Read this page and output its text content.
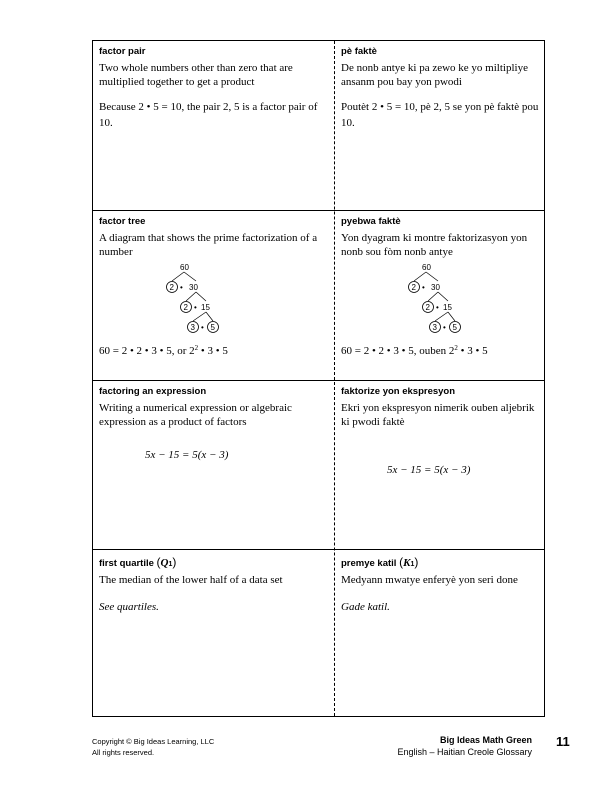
factor pair
Two whole numbers other than zero that are multiplied together to get a product
Because 2 • 5 = 10, the pair 2, 5 is a factor pair of 10.
pè faktè
De nonb antye ki pa zewo ke yo miltipliye ansanm pou bay yon pwodi
Poutèt 2 • 5 = 10, pè 2, 5 se yon pè faktè pou 10.
factor tree
A diagram that shows the prime factorization of a number
60
2 • 30
2 • 15
3 • 5
60 = 2 • 2 • 3 • 5, or $2^2$ • 3 • 5
pyebwa faktè
Yon dyagram ki montre faktorizasyon yon nonb sou fòm nonb antye
60
2 • 30
2 • 15
3 • 5
60 = 2 • 2 • 3 • 5, ouben $2^2$ • 3 • 5
factoring an expression
Writing a numerical expression or algebraic expression as a product of factors
5x − 15 = 5(x − 3)
faktorize yon ekspresyon
Ekri yon ekspresyon nimerik ouben aljebrik ki pwodi faktè
5x − 15 = 5(x − 3)
first quartile (Q1)
The median of the lower half of a data set
See quartiles.
premye katil (K1)
Medyann mwatye enferyè yon seri done
Gade katil.
Copyright © Big Ideas Learning, LLC
All rights reserved.
Big Ideas Math Green
English – Haitian Creole Glossary
11
